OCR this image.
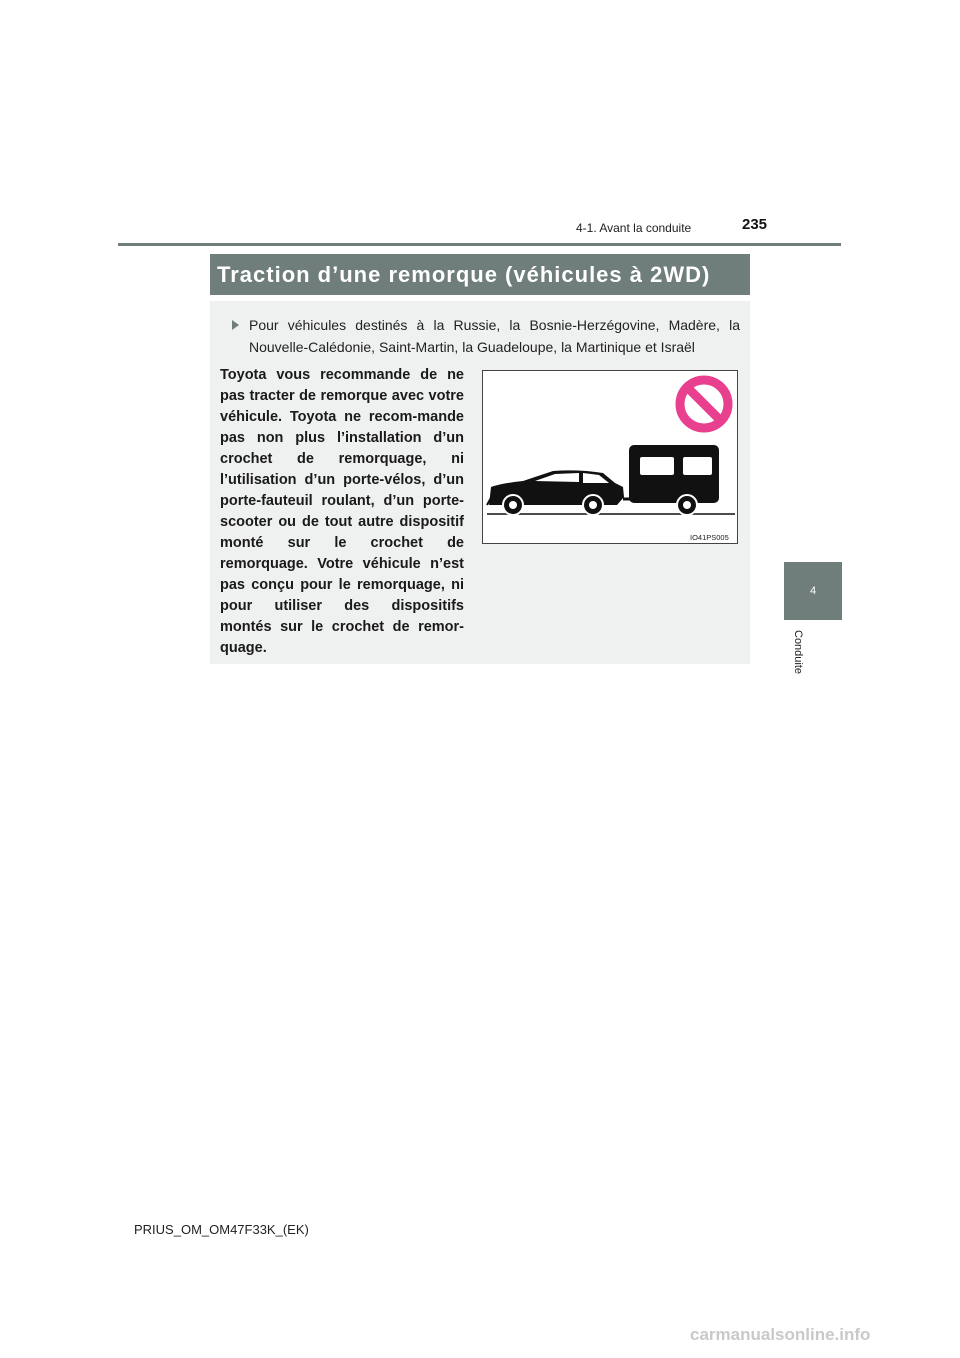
4-1. Avant la conduite	235
4
Conduite
Traction d’une remorque (véhicules à 2WD)
Pour véhicules destinés à la Russie, la Bosnie-Herzégovine, Madère, la Nouvelle-Calédonie, Saint-Martin, la Guadeloupe, la Martinique et Israël
Toyota vous recommande de ne pas tracter de remorque avec votre véhicule. Toyota ne recom-mande pas non plus l’installation d’un crochet de remorquage, ni l’utilisation d’un porte-vélos, d’un porte-fauteuil roulant, d’un porte-scooter ou de tout autre dispositif monté sur le crochet de remorquage. Votre véhicule n’est pas conçu pour le remorquage, ni pour utiliser des dispositifs montés sur le crochet de remor-quage.
IO41PS005
PRIUS_OM_OM47F33K_(EK)
carmanualsonline.info
